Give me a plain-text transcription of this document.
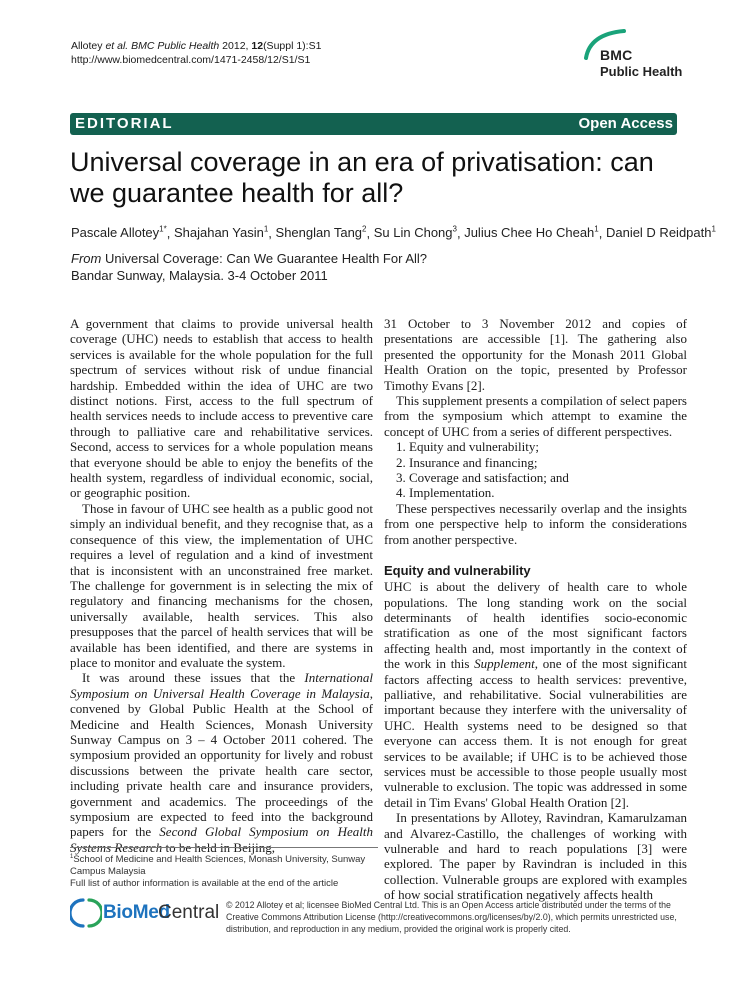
Allotey et al. BMC Public Health 2012, 12(Suppl 1):S1
http://www.biomedcentral.com/1471-2458/12/S1/S1	BMC
Public Health
EDITORIAL	Open Access
Universal coverage in an era of privatisation: can we guarantee health for all?
Pascale Allotey$^{1*}$, Shajahan Yasin$^1$, Shenglan Tang$^2$, Su Lin Chong$^3$, Julius Chee Ho Cheah$^1$, Daniel D Reidpath$^1$
From Universal Coverage: Can We Guarantee Health For All?
Bandar Sunway, Malaysia. 3-4 October 2011

A government that claims to provide universal health coverage (UHC) needs to establish that access to health services is available for the whole population for the full spectrum of services without risk of undue financial hardship. Embedded within the idea of UHC are two distinct notions. First, access to the full spectrum of health services needs to include access to preventive care through to palliative care and rehabilitative services. Second, access to services for a whole population means that everyone should be able to enjoy the benefits of the health system, regardless of individual economic, social, or geographic position.

Those in favour of UHC see health as a public good not simply an individual benefit, and they recognise that, as a consequence of this view, the implementation of UHC requires a level of regulation and a kind of investment that is inconsistent with an unconstrained free market. The challenge for government is in selecting the mix of regulatory and financing mechanisms for the chosen, universally available, health services. This also presupposes that the parcel of health services that will be available has been identified, and there are systems in place to monitor and evaluate the system.

It was around these issues that the International Symposium on Universal Health Coverage in Malaysia, convened by Global Public Health at the School of Medicine and Health Sciences, Monash University Sunway Campus on 3 – 4 October 2011 cohered. The symposium provided an opportunity for lively and robust discussions between the private health care sector, including private health care and insurance providers, government and academics. The proceedings of the symposium are expected to feed into the background papers for the Second Global Symposium on Health Systems Research to be held in Beijing,

31 October to 3 November 2012 and copies of presentations are accessible [1]. The gathering also presented the opportunity for the Monash 2011 Global Health Oration on the topic, presented by Professor Timothy Evans [2].

This supplement presents a compilation of select papers from the symposium which attempt to examine the concept of UHC from a series of different perspectives.

1. Equity and vulnerability;
2. Insurance and financing;
3. Coverage and satisfaction; and
4. Implementation.

These perspectives necessarily overlap and the insights from one perspective help to inform the considerations from another perspective.

Equity and vulnerability

UHC is about the delivery of health care to whole populations. The long standing work on the social determinants of health identifies socio-economic stratification as one of the most significant factors affecting health and, most importantly in the context of the work in this Supplement, one of the most significant factors affecting access to health services: preventive, palliative, and rehabilitative. Social vulnerabilities are important because they interfere with the universality of UHC. Health systems need to be designed so that everyone can access them. It is not enough for great services to be available; if UHC is to be achieved those services must be accessible to those people usually most vulnerable to exclusion. The topic was addressed in some detail in Tim Evans' Global Health Oration [2].

In presentations by Allotey, Ravindran, Kamarulzaman and Alvarez-Castillo, the challenges of working with vulnerable and hard to reach populations [3] were explored. The paper by Ravindran is included in this collection. Vulnerable groups are explored with examples of how social stratification negatively affects health

$^1$School of Medicine and Health Sciences, Monash University, Sunway Campus Malaysia
Full list of author information is available at the end of the article
BioMed
Central © 2012 Allotey et al; licensee BioMed Central Ltd. This is an Open Access article distributed under the terms of the Creative Commons Attribution License (http://creativecommons.org/licenses/by/2.0), which permits unrestricted use, distribution, and reproduction in any medium, provided the original work is properly cited.
